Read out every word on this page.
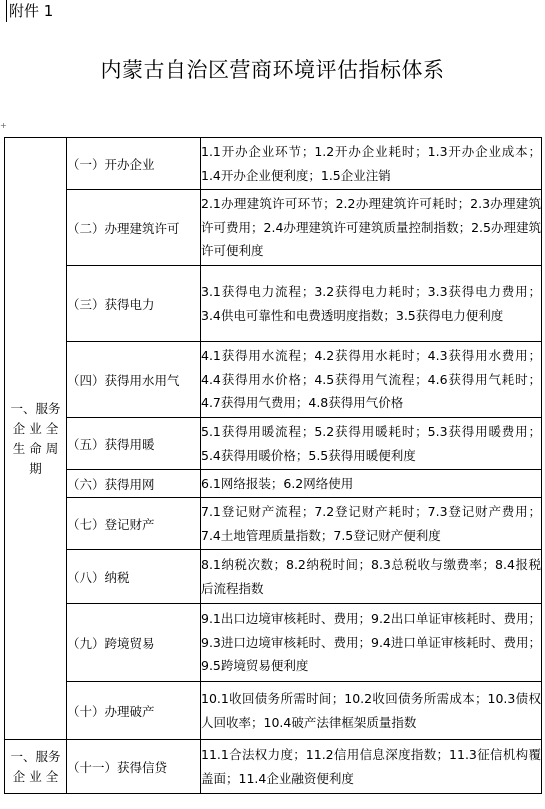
附件 1
内蒙古自治区营商环境评估指标体系
+
一、服务
企 业 全
生 命 周
期	（一）开办企业	1.1开办企业环节；1.2开办企业耗时；1.3开办企业成本；1.4开办企业便利度；1.5企业注销
	（二）办理建筑许可	2.1办理建筑许可环节；2.2办理建筑许可耗时；2.3办理建筑许可费用；2.4办理建筑许可建筑质量控制指数；2.5办理建筑许可便利度
	（三）获得电力	3.1获得电力流程；3.2获得电力耗时；3.3获得电力费用；3.4供电可靠性和电费透明度指数；3.5获得电力便利度
	（四）获得用水用气	4.1获得用水流程；4.2获得用水耗时；4.3获得用水费用；4.4获得用水价格；4.5获得用气流程；4.6获得用气耗时；4.7获得用气费用；4.8获得用气价格
	（五）获得用暖	5.1获得用暖流程；5.2获得用暖耗时；5.3获得用暖费用；5.4获得用暖价格；5.5获得用暖便利度
	（六）获得用网	6.1网络报装；6.2网络使用
	（七）登记财产	7.1登记财产流程；7.2登记财产耗时；7.3登记财产费用；7.4土地管理质量指数；7.5登记财产便利度
	（八）纳税	8.1纳税次数；8.2纳税时间；8.3总税收与缴费率；8.4报税后流程指数
	（九）跨境贸易	9.1出口边境审核耗时、费用；9.2出口单证审核耗时、费用；9.3进口边境审核耗时、费用；9.4进口单证审核耗时、费用；9.5跨境贸易便利度
	（十）办理破产	10.1收回债务所需时间；10.2收回债务所需成本；10.3债权人回收率；10.4破产法律框架质量指数

一、服务
企 业 全	（十一）获得信贷	11.1合法权力度；11.2信用信息深度指数；11.3征信机构覆盖面；11.4企业融资便利度
